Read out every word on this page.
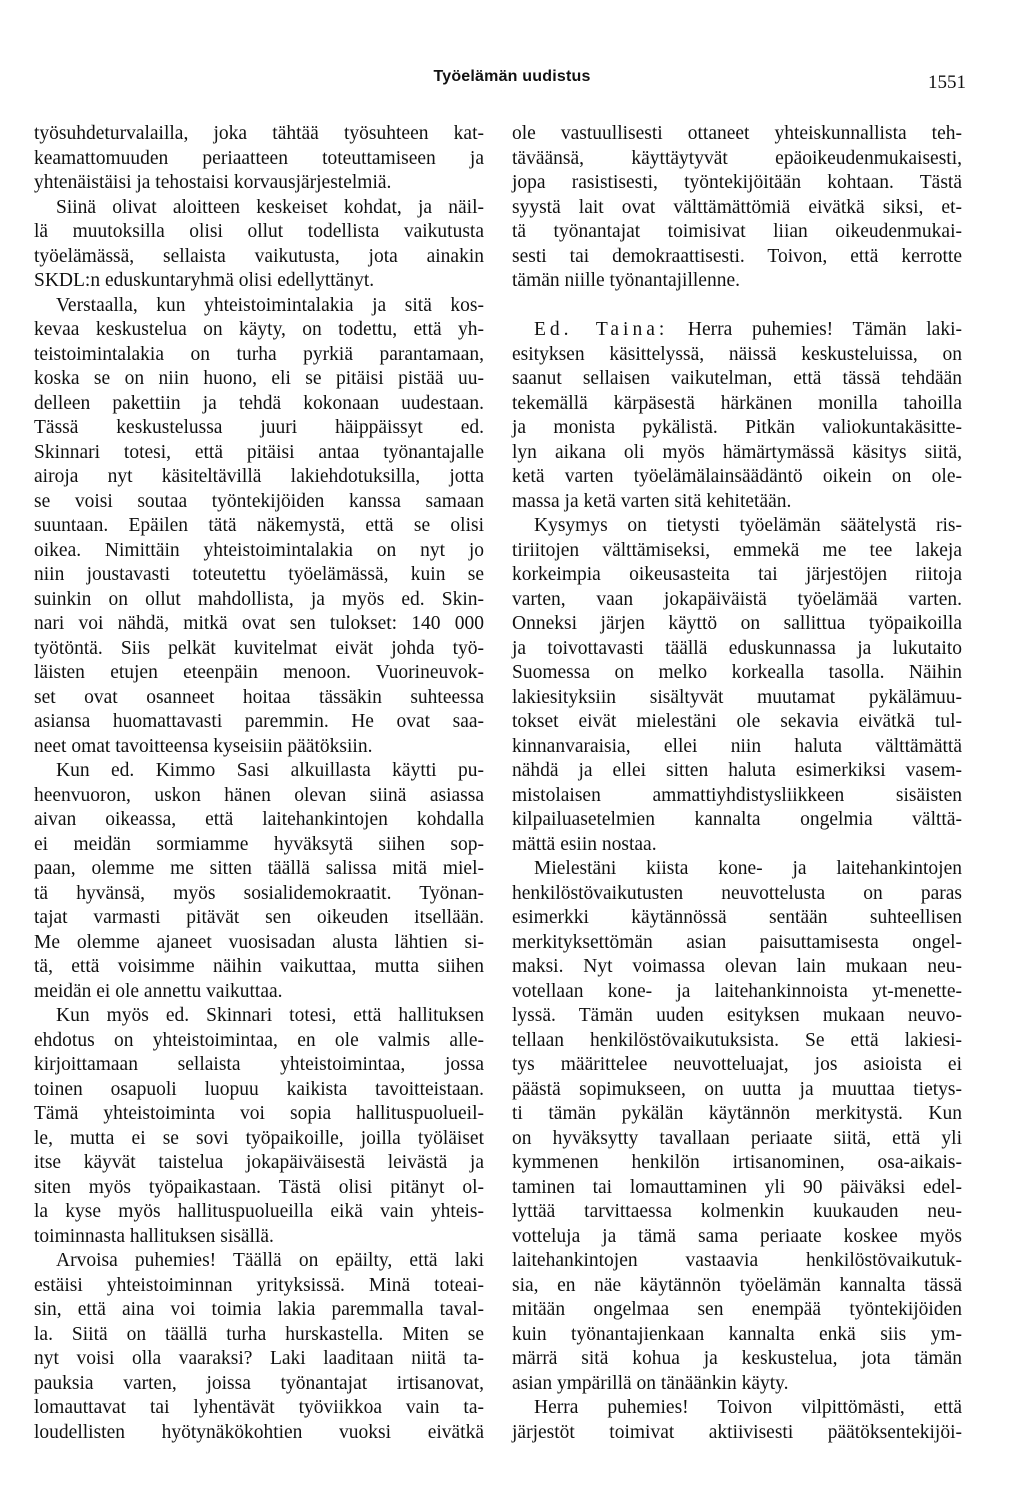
Työelämän uudistus	1551
työsuhdeturvalailla, joka tähtää työsuhteen kat-
keamattomuuden periaatteen toteuttamiseen ja
yhtenäistäisi ja tehostaisi korvausjärjestelmiä.
Siinä olivat aloitteen keskeiset kohdat, ja näil-
lä muutoksilla olisi ollut todellista vaikutusta
työelämässä, sellaista vaikutusta, jota ainakin
SKDL:n eduskuntaryhmä olisi edellyttänyt.
Verstaalla, kun yhteistoimintalakia ja sitä kos-
kevaa keskustelua on käyty, on todettu, että yh-
teistoimintalakia on turha pyrkiä parantamaan,
koska se on niin huono, eli se pitäisi pistää uu-
delleen pakettiin ja tehdä kokonaan uudestaan.
Tässä keskustelussa juuri häippäissyt ed.
Skinnari totesi, että pitäisi antaa työnantajalle
airoja nyt käsiteltävillä lakiehdotuksilla, jotta
se voisi soutaa työntekijöiden kanssa samaan
suuntaan. Epäilen tätä näkemystä, että se olisi
oikea. Nimittäin yhteistoimintalakia on nyt jo
niin joustavasti toteutettu työelämässä, kuin se
suinkin on ollut mahdollista, ja myös ed. Skin-
nari voi nähdä, mitkä ovat sen tulokset: 140 000
työtöntä. Siis pelkät kuvitelmat eivät johda työ-
läisten etujen eteenpäin menoon. Vuorineuvok-
set ovat osanneet hoitaa tässäkin suhteessa
asiansa huomattavasti paremmin. He ovat saa-
neet omat tavoitteensa kyseisiin päätöksiin.
Kun ed. Kimmo Sasi alkuillasta käytti pu-
heenvuoron, uskon hänen olevan siinä asiassa
aivan oikeassa, että laitehankintojen kohdalla
ei meidän sormiamme hyväksytä siihen sop-
paan, olemme me sitten täällä salissa mitä miel-
tä hyvänsä, myös sosialidemokraatit. Työnan-
tajat varmasti pitävät sen oikeuden itsellään.
Me olemme ajaneet vuosisadan alusta lähtien si-
tä, että voisimme näihin vaikuttaa, mutta siihen
meidän ei ole annettu vaikuttaa.
Kun myös ed. Skinnari totesi, että hallituksen
ehdotus on yhteistoimintaa, en ole valmis alle-
kirjoittamaan sellaista yhteistoimintaa, jossa
toinen osapuoli luopuu kaikista tavoitteistaan.
Tämä yhteistoiminta voi sopia hallituspuolueil-
le, mutta ei se sovi työpaikoille, joilla työläiset
itse käyvät taistelua jokapäiväisestä leivästä ja
siten myös työpaikastaan. Tästä olisi pitänyt ol-
la kyse myös hallituspuolueilla eikä vain yhteis-
toiminnasta hallituksen sisällä.
Arvoisa puhemies! Täällä on epäilty, että laki
estäisi yhteistoiminnan yrityksissä. Minä toteai-
sin, että aina voi toimia lakia paremmalla taval-
la. Siitä on täällä turha hurskastella. Miten se
nyt voisi olla vaaraksi? Laki laaditaan niitä ta-
pauksia varten, joissa työnantajat irtisanovat,
lomauttavat tai lyhentävät työviikkoa vain ta-
loudellisten hyötynäkökohtien vuoksi eivätkä
ole vastuullisesti ottaneet yhteiskunnallista teh-
täväänsä, käyttäytyvät epäoikeudenmukaisesti,
jopa rasistisesti, työntekijöitään kohtaan. Tästä
syystä lait ovat välttämättömiä eivätkä siksi, et-
tä työnantajat toimisivat liian oikeudenmukai-
sesti tai demokraattisesti. Toivon, että kerrotte
tämän niille työnantajillenne.
Ed. Taina: Herra puhemies! Tämän laki-
esityksen käsittelyssä, näissä keskusteluissa, on
saanut sellaisen vaikutelman, että tässä tehdään
tekemällä kärpäsestä härkänen monilla tahoilla
ja monista pykälistä. Pitkän valiokuntakäsitte-
lyn aikana oli myös hämärtymässä käsitys siitä,
ketä varten työelämälainsäädäntö oikein on ole-
massa ja ketä varten sitä kehitetään.
Kysymys on tietysti työelämän säätelystä ris-
tiriitojen välttämiseksi, emmekä me tee lakeja
korkeimpia oikeusasteita tai järjestöjen riitoja
varten, vaan jokapäiväistä työelämää varten.
Onneksi järjen käyttö on sallittua työpaikoilla
ja toivottavasti täällä eduskunnassa ja lukutaito
Suomessa on melko korkealla tasolla. Näihin
lakiesityksiin sisältyvät muutamat pykälämuu-
tokset eivät mielestäni ole sekavia eivätkä tul-
kinnanvaraisia, ellei niin haluta välttämättä
nähdä ja ellei sitten haluta esimerkiksi vasem-
mistolaisen ammattiyhdistysliikkeen sisäisten
kilpailuasetelmien kannalta ongelmia välttä-
mättä esiin nostaa.
Mielestäni kiista kone- ja laitehankintojen
henkilöstövaikutusten neuvottelusta on paras
esimerkki käytännössä sentään suhteellisen
merkityksettömän asian paisuttamisesta ongel-
maksi. Nyt voimassa olevan lain mukaan neu-
votellaan kone- ja laitehankinnoista yt-menette-
lyssä. Tämän uuden esityksen mukaan neuvo-
tellaan henkilöstövaikutuksista. Se että lakiesi-
tys määrittelee neuvotteluajat, jos asioista ei
päästä sopimukseen, on uutta ja muuttaa tietys-
ti tämän pykälän käytännön merkitystä. Kun
on hyväksytty tavallaan periaate siitä, että yli
kymmenen henkilön irtisanominen, osa-aikais-
taminen tai lomauttaminen yli 90 päiväksi edel-
lyttää tarvittaessa kolmenkin kuukauden neu-
votteluja ja tämä sama periaate koskee myös
laitehankintojen vastaavia henkilöstövaikutuk-
sia, en näe käytännön työelämän kannalta tässä
mitään ongelmaa sen enempää työntekijöiden
kuin työnantajienkaan kannalta enkä siis ym-
märrä sitä kohua ja keskustelua, jota tämän
asian ympärillä on tänäänkin käyty.
Herra puhemies! Toivon vilpittömästi, että
järjestöt toimivat aktiivisesti päätöksentekijöi-
